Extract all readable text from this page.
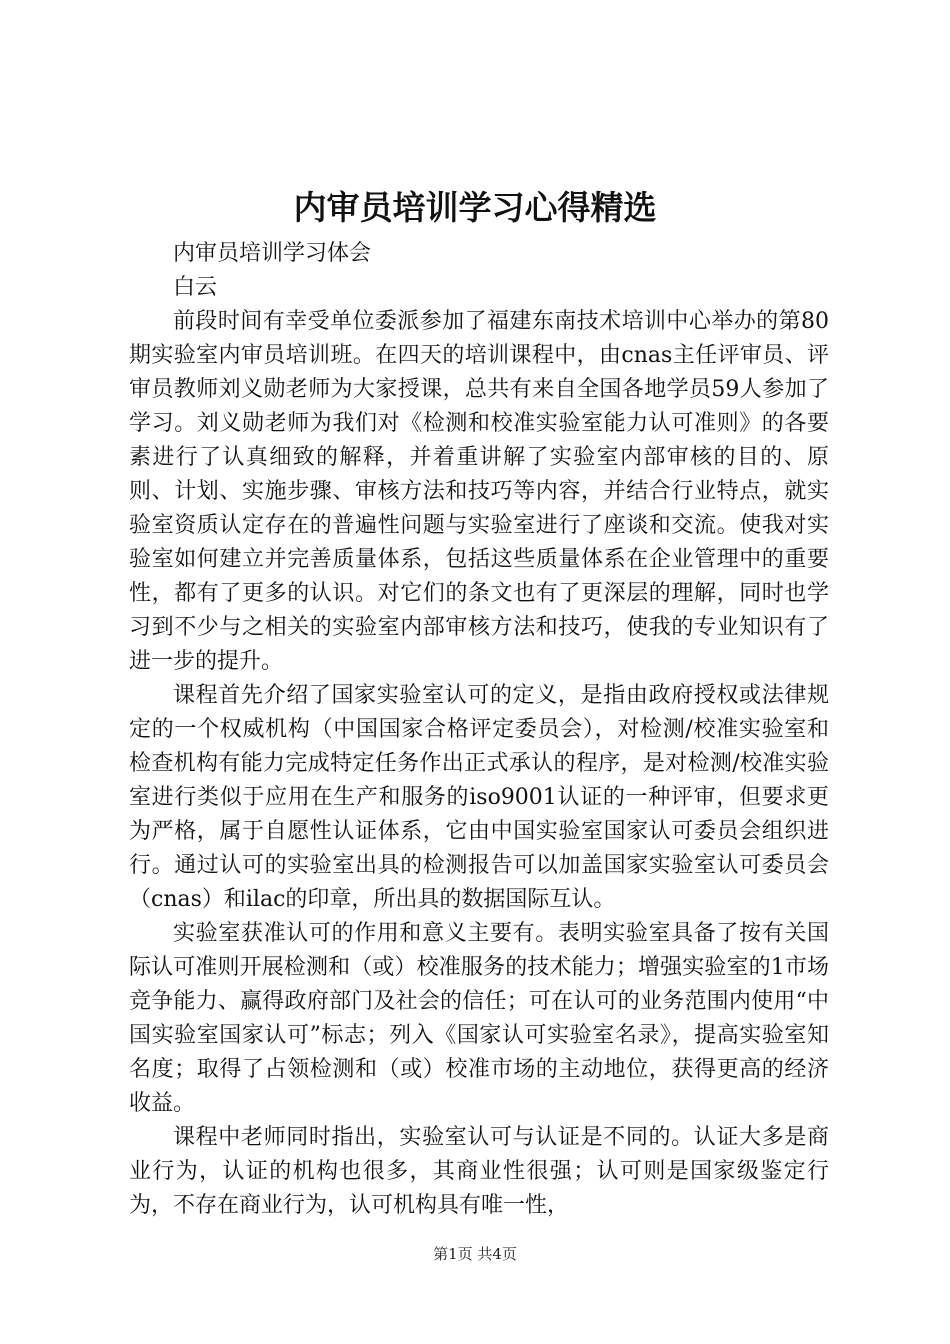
内审员培训学习心得精选

内审员培训学习体会

白云

前段时间有幸受单位委派参加了福建东南技术培训中心举办的第80期实验室内审员培训班。在四天的培训课程中，由cnas主任评审员、评审员教师刘义勋老师为大家授课，总共有来自全国各地学员59人参加了学习。刘义勋老师为我们对《检测和校准实验室能力认可准则》的各要素进行了认真细致的解释，并着重讲解了实验室内部审核的目的、原则、计划、实施步骤、审核方法和技巧等内容，并结合行业特点，就实验室资质认定存在的普遍性问题与实验室进行了座谈和交流。使我对实验室如何建立并完善质量体系，包括这些质量体系在企业管理中的重要性，都有了更多的认识。对它们的条文也有了更深层的理解，同时也学习到不少与之相关的实验室内部审核方法和技巧，使我的专业知识有了进一步的提升。

课程首先介绍了国家实验室认可的定义，是指由政府授权或法律规定的一个权威机构（中国国家合格评定委员会），对检测/校准实验室和检查机构有能力完成特定任务作出正式承认的程序，是对检测/校准实验室进行类似于应用在生产和服务的iso9001认证的一种评审，但要求更为严格，属于自愿性认证体系，它由中国实验室国家认可委员会组织进行。通过认可的实验室出具的检测报告可以加盖国家实验室认可委员会（cnas）和ilac的印章，所出具的数据国际互认。

实验室获准认可的作用和意义主要有。表明实验室具备了按有关国际认可准则开展检测和（或）校准服务的技术能力；增强实验室的1市场竞争能力、赢得政府部门及社会的信任；可在认可的业务范围内使用“中国实验室国家认可”标志；列入《国家认可实验室名录》，提高实验室知名度；取得了占领检测和（或）校准市场的主动地位，获得更高的经济收益。

课程中老师同时指出，实验室认可与认证是不同的。认证大多是商业行为，认证的机构也很多，其商业性很强；认可则是国家级鉴定行为，不存在商业行为，认可机构具有唯一性，

第1页 共4页
